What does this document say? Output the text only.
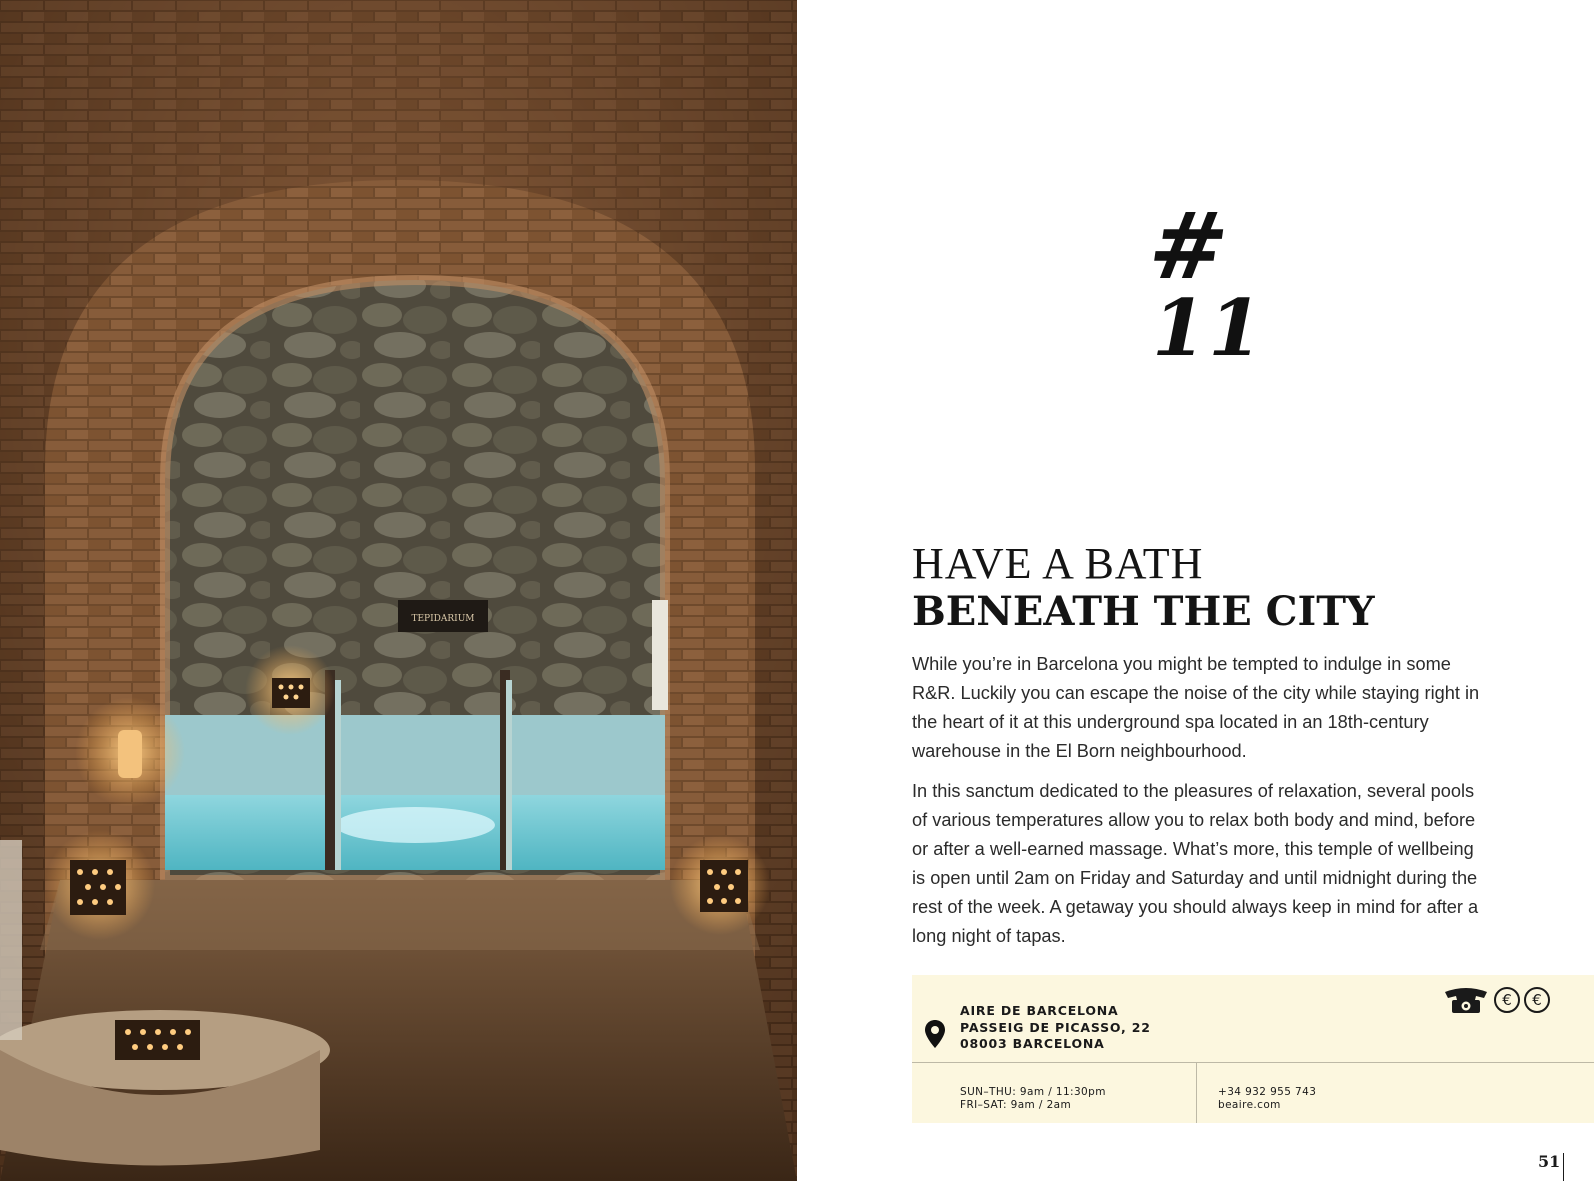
TEPIDARIUM
#
11
HAVE A BATH
BENEATH THE CITY

While you’re in Barcelona you might be tempted to indulge in some R&R. Luckily you can escape the noise of the city while staying right in the heart of it at this underground spa located in an 18th-century warehouse in the El Born neighbourhood.

In this sanctum dedicated to the pleasures of relaxation, several pools of various temperatures allow you to relax both body and mind, before or after a well-earned massage. What’s more, this temple of wellbeing is open until 2am on Friday and Saturday and until midnight during the rest of the week. A getaway you should always keep in mind for after a long night of tapas.

AIRE DE BARCELONA
PASSEIG DE PICASSO, 22
08003 BARCELONA
€	€
SUN–THU: 9am / 11:30pm
FRI–SAT: 9am / 2am
+34 932 955 743
beaire.com
51
